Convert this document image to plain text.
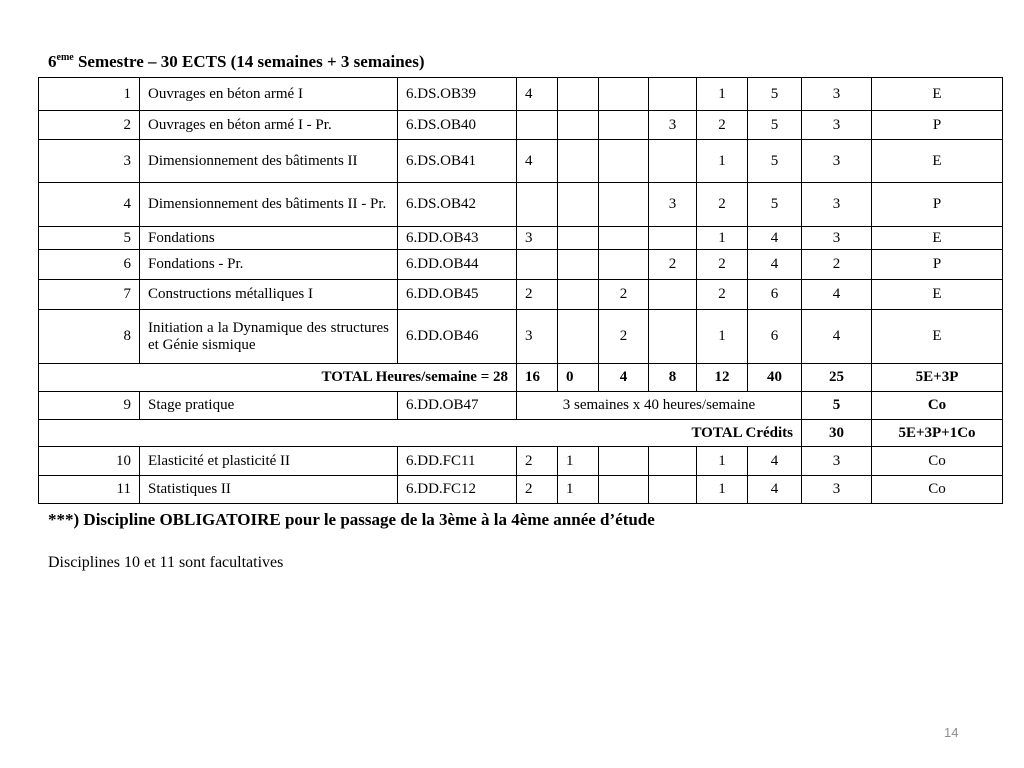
6eme Semestre – 30 ECTS (14 semaines + 3 semaines)
1	Ouvrages en béton armé I	6.DS.OB39	4				1	5	3	E
2	Ouvrages en béton armé I - Pr.	6.DS.OB40				3	2	5	3	P
3	Dimensionnement des bâtiments II	6.DS.OB41	4				1	5	3	E
4	Dimensionnement des bâtiments II - Pr.	6.DS.OB42				3	2	5	3	P
5	Fondations	6.DD.OB43	3				1	4	3	E
6	Fondations - Pr.	6.DD.OB44				2	2	4	2	P
7	Constructions métalliques I	6.DD.OB45	2		2		2	6	4	E
8	Initiation a la Dynamique des structures et Génie sismique	6.DD.OB46	3		2		1	6	4	E
TOTAL Heures/semaine = 28			16	0	4	8	12	40	25	5E+3P
9	Stage pratique	6.DD.OB47	3 semaines x 40 heures/semaine						5	Co
TOTAL Crédits									30	5E+3P+1Co
10	Elasticité et plasticité II	6.DD.FC11	2	1			1	4	3	Co
11	Statistiques II	6.DD.FC12	2	1			1	4	3	Co
***) Discipline OBLIGATOIRE pour le passage de la 3ème à la 4ème année d’étude
Disciplines 10 et 11 sont facultatives
14
